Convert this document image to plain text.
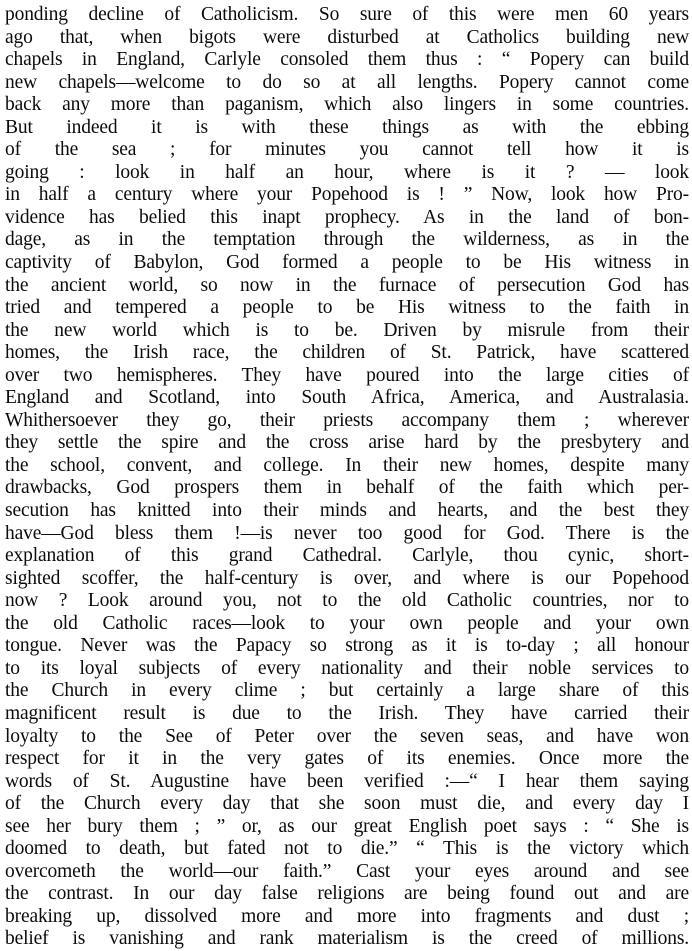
ponding decline of Catholicism. So sure of this were men 60 years
ago that, when bigots were disturbed at Catholics building new
chapels in England, Carlyle consoled them thus : “ Popery can build
new chapels—welcome to do so at all lengths. Popery cannot come
back any more than paganism, which also lingers in some countries.
But indeed it is with these things as with the ebbing
of the sea ; for minutes you cannot tell how it is
going : look in half an hour, where is it ? — look
in half a century where your Popehood is ! ” Now, look how Pro-
vidence has belied this inapt prophecy. As in the land of bon-
dage, as in the temptation through the wilderness, as in the
captivity of Babylon, God formed a people to be His witness in
the ancient world, so now in the furnace of persecution God has
tried and tempered a people to be His witness to the faith in
the new world which is to be. Driven by misrule from their
homes, the Irish race, the children of St. Patrick, have scattered
over two hemispheres. They have poured into the large cities of
England and Scotland, into South Africa, America, and Australasia.
Whithersoever they go, their priests accompany them ; wherever
they settle the spire and the cross arise hard by the presbytery and
the school, convent, and college. In their new homes, despite many
drawbacks, God prospers them in behalf of the faith which per-
secution has knitted into their minds and hearts, and the best they
have—God bless them !—is never too good for God. There is the
explanation of this grand Cathedral. Carlyle, thou cynic, short-
sighted scoffer, the half-century is over, and where is our Popehood
now ? Look around you, not to the old Catholic countries, nor to
the old Catholic races—look to your own people and your own
tongue. Never was the Papacy so strong as it is to-day ; all honour
to its loyal subjects of every nationality and their noble services to
the Church in every clime ; but certainly a large share of this
magnificent result is due to the Irish. They have carried their
loyalty to the See of Peter over the seven seas, and have won
respect for it in the very gates of its enemies. Once more the
words of St. Augustine have been verified :—“ I hear them saying
of the Church every day that she soon must die, and every day I
see her bury them ; ” or, as our great English poet says : “ She is
doomed to death, but fated not to die.” “ This is the victory which
overcometh the world—our faith.” Cast your eyes around and see
the contrast. In our day false religions are being found out and are
breaking up, dissolved more and more into fragments and dust ;
belief is vanishing and rank materialism is the creed of millions.
